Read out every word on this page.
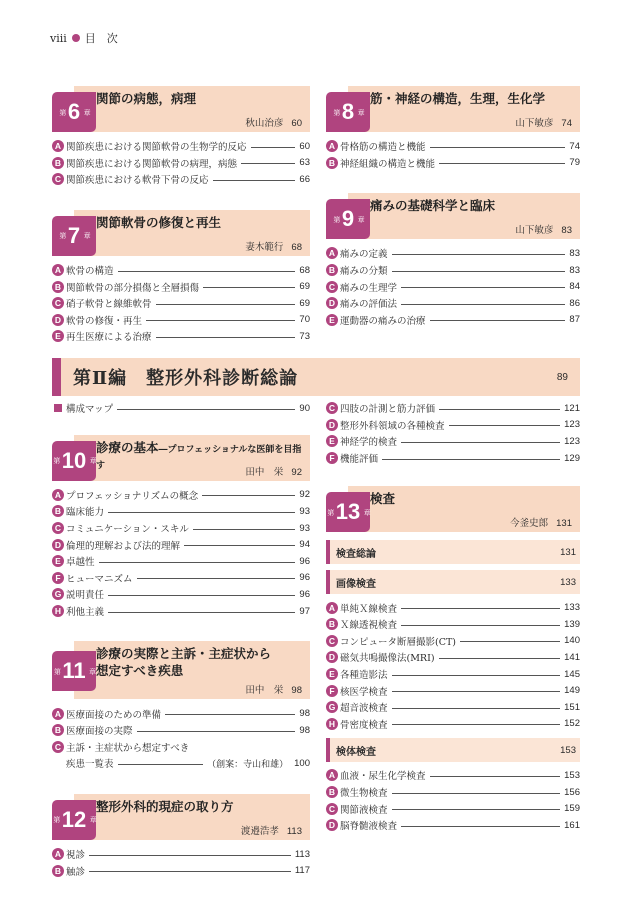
viii 目　次
第 6 章
関節の病態，病理
秋山治彦 60
A 関節疾患における関節軟骨の生物学的反応	60
B 関節疾患における関節軟骨の病理，病態	63
C 関節疾患における軟骨下骨の反応	66
第 7 章
関節軟骨の修復と再生
妻木範行 68
A 軟骨の構造	68
B 関節軟骨の部分損傷と全層損傷	69
C 硝子軟骨と線維軟骨	69
D 軟骨の修復・再生	70
E 再生医療による治療	73
第 8 章
筋・神経の構造，生理，生化学
山下敏彦 74
A 骨格筋の構造と機能	74
B 神経組織の構造と機能	79
第 9 章
痛みの基礎科学と臨床
山下敏彦 83
A 痛みの定義	83
B 痛みの分類	83
C 痛みの生理学	84
D 痛みの評価法	86
E 運動器の痛みの治療	87
第Ⅱ編　整形外科診断総論	89
構成マップ	90
第 10 章
診療の基本―プロフェッショナルな医師を目指す
田中　栄 92
A プロフェッショナリズムの概念	92
B 臨床能力	93
C コミュニケーション・スキル	93
D 倫理的理解および法的理解	94
E 卓越性	96
F ヒューマニズム	96
G 説明責任	96
H 利他主義	97
第 11 章
診療の実際と主訴・主症状から
想定すべき疾患
田中　栄 98
A 医療面接のための準備	98
B 医療面接の実際	98
C 主訴・主症状から想定すべき
疾患一覧表	（創案：寺山和雄） 100
第 12 章
整形外科的現症の取り方
渡邉浩孝 113
A 視診	113
B 触診	117
C 四肢の計測と筋力評価	121
D 整形外科領域の各種検査	123
E 神経学的検査	123
F 機能評価	129
第 13 章
検査
今釜史郎 131
検査総論	131
画像検査	133
A 単純Ｘ線検査	133
B Ｘ線透視検査	139
C コンピュータ断層撮影(CT)	140
D 磁気共鳴撮像法(MRI)	141
E 各種造影法	145
F 核医学検査	149
G 超音波検査	151
H 骨密度検査	152
検体検査	153
A 血液・尿生化学検査	153
B 微生物検査	156
C 関節液検査	159
D 脳脊髄液検査	161
